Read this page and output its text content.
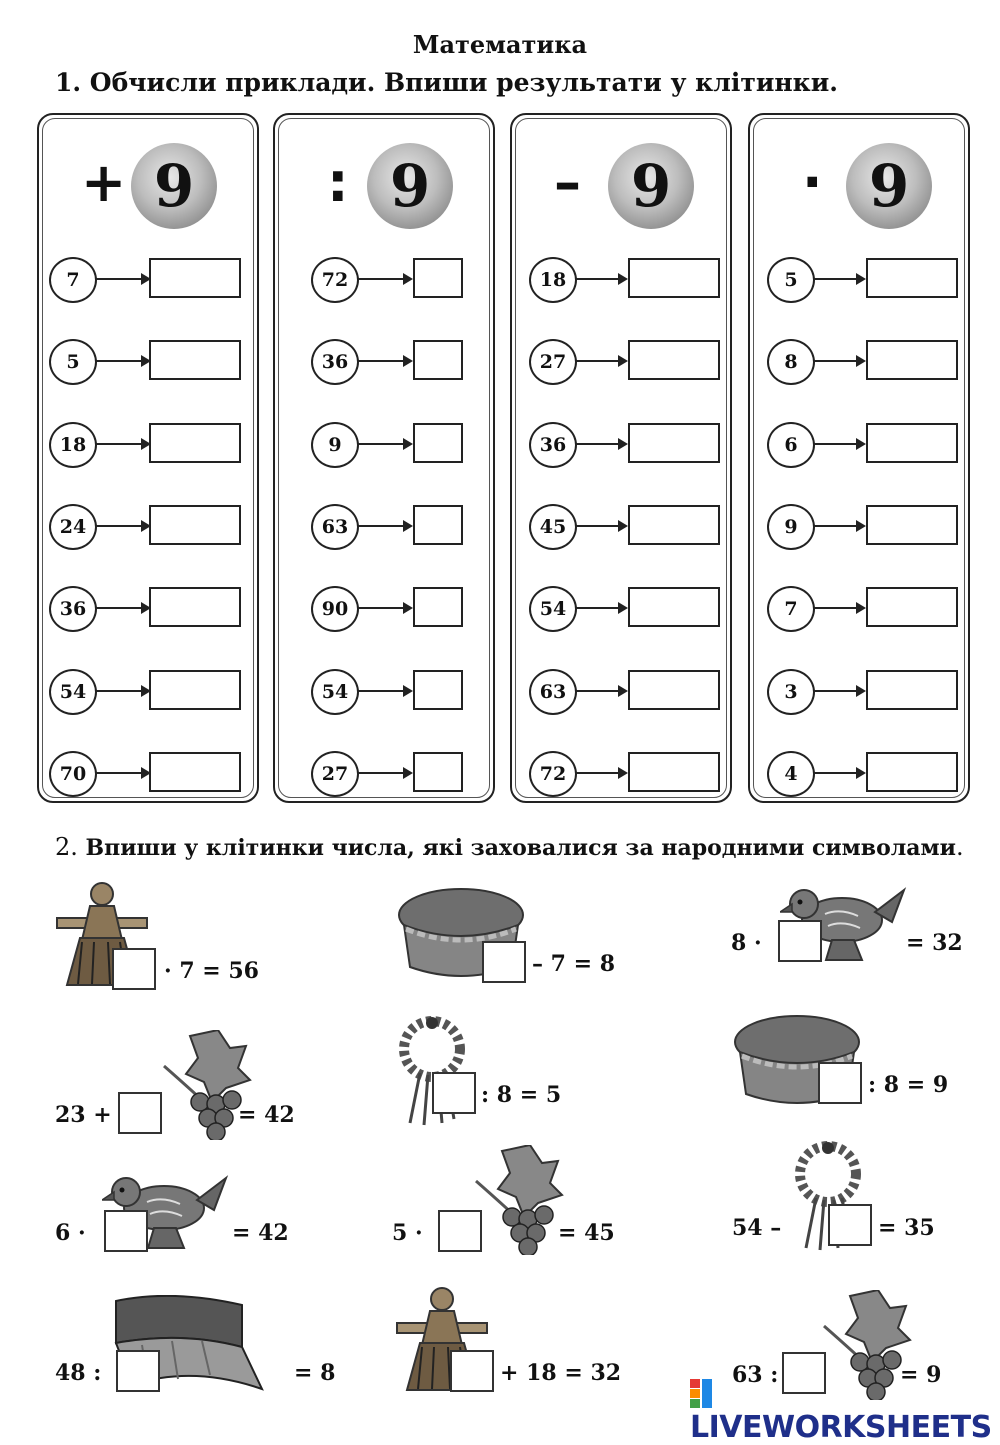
Математика
1. Обчисли приклади. Впиши результати у клітинки.
+ 9
7
5
18
24
36
54
70
: 9
72
36
9
63
90
54
27
– 9
18
27
36
45
54
63
72
· 9
5
8
6
9
7
3
4
2. Впиши у клітинки числа, які заховалися за народними символами.
· 7 = 56	– 7 = 8
8 ·	= 32
23 +	= 42
: 8 = 5	: 8 = 9
6 ·	= 42	5 ·	= 45	54 –	= 35
48 :	= 8	+ 18 = 32	63 :	= 9
LIVEWORKSHEETS
